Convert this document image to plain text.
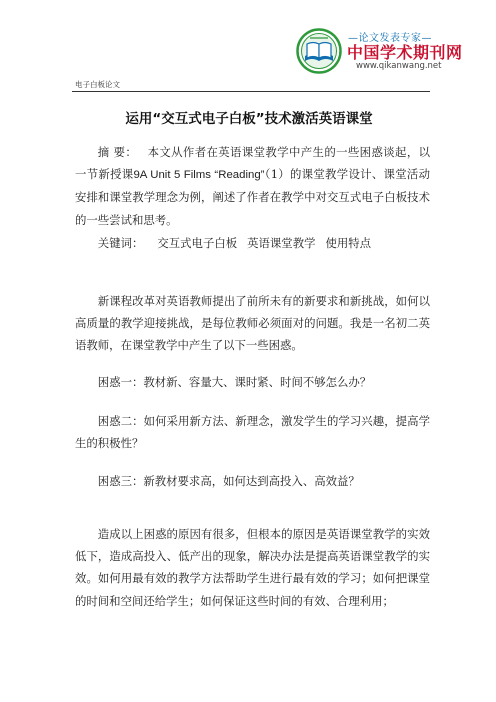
—论文发表专家—
中国学术期刊网
www.qikanwang.net
电子白板论文
运用“交互式电子白板”技术激活英语课堂

摘 要： 本文从作者在英语课堂教学中产生的一些困惑谈起，以一节新授课9A Unit 5 Films “Reading”（1）的课堂教学设计、课堂活动安排和课堂教学理念为例，阐述了作者在教学中对交互式电子白板技术的一些尝试和思考。

关键词： 交互式电子白板 英语课堂教学 使用特点

新课程改革对英语教师提出了前所未有的新要求和新挑战，如何以高质量的教学迎接挑战，是每位教师必须面对的问题。我是一名初二英语教师，在课堂教学中产生了以下一些困惑。

困惑一：教材新、容量大、课时紧、时间不够怎么办？

困惑二：如何采用新方法、新理念，激发学生的学习兴趣，提高学生的积极性？

困惑三：新教材要求高，如何达到高投入、高效益？

造成以上困惑的原因有很多，但根本的原因是英语课堂教学的实效低下，造成高投入、低产出的现象，解决办法是提高英语课堂教学的实效。如何用最有效的教学方法帮助学生进行最有效的学习；如何把课堂的时间和空间还给学生；如何保证这些时间的有效、合理利用；
